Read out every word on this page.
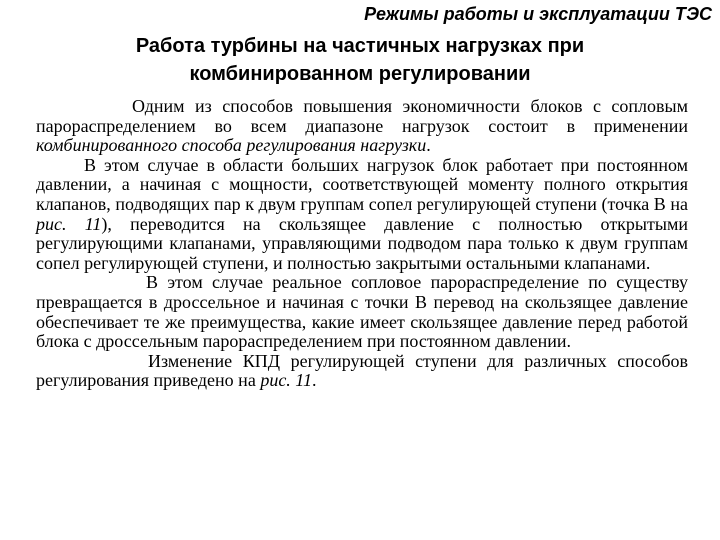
Режимы работы и эксплуатации ТЭС
Работа турбины на частичных нагрузках при
комбинированном регулировании

Одним из способов повышения экономичности блоков с сопловым парораспределением во всем диапазоне нагрузок состоит в применении комбинированного способа регулирования нагрузки.

В этом случае в области больших нагрузок блок работает при постоянном давлении, а начиная с мощности, соответствующей моменту полного открытия клапанов, подводящих пар к двум группам сопел регулирующей ступени (точка В на рис. 11), переводится на скользящее давление с полностью открытыми регулирующими клапанами, управляющими подводом пара только к двум группам сопел регулирующей ступени, и полностью закрытыми остальными клапанами.

В этом случае реальное сопловое парораспределение по существу превращается в дроссельное и начиная с точки В перевод на скользящее давление обеспечивает те же преимущества, какие имеет скользящее давление перед работой блока с дроссельным парораспределением при постоянном давлении.

Изменение КПД регулирующей ступени для различных способов регулирования приведено на рис. 11.
